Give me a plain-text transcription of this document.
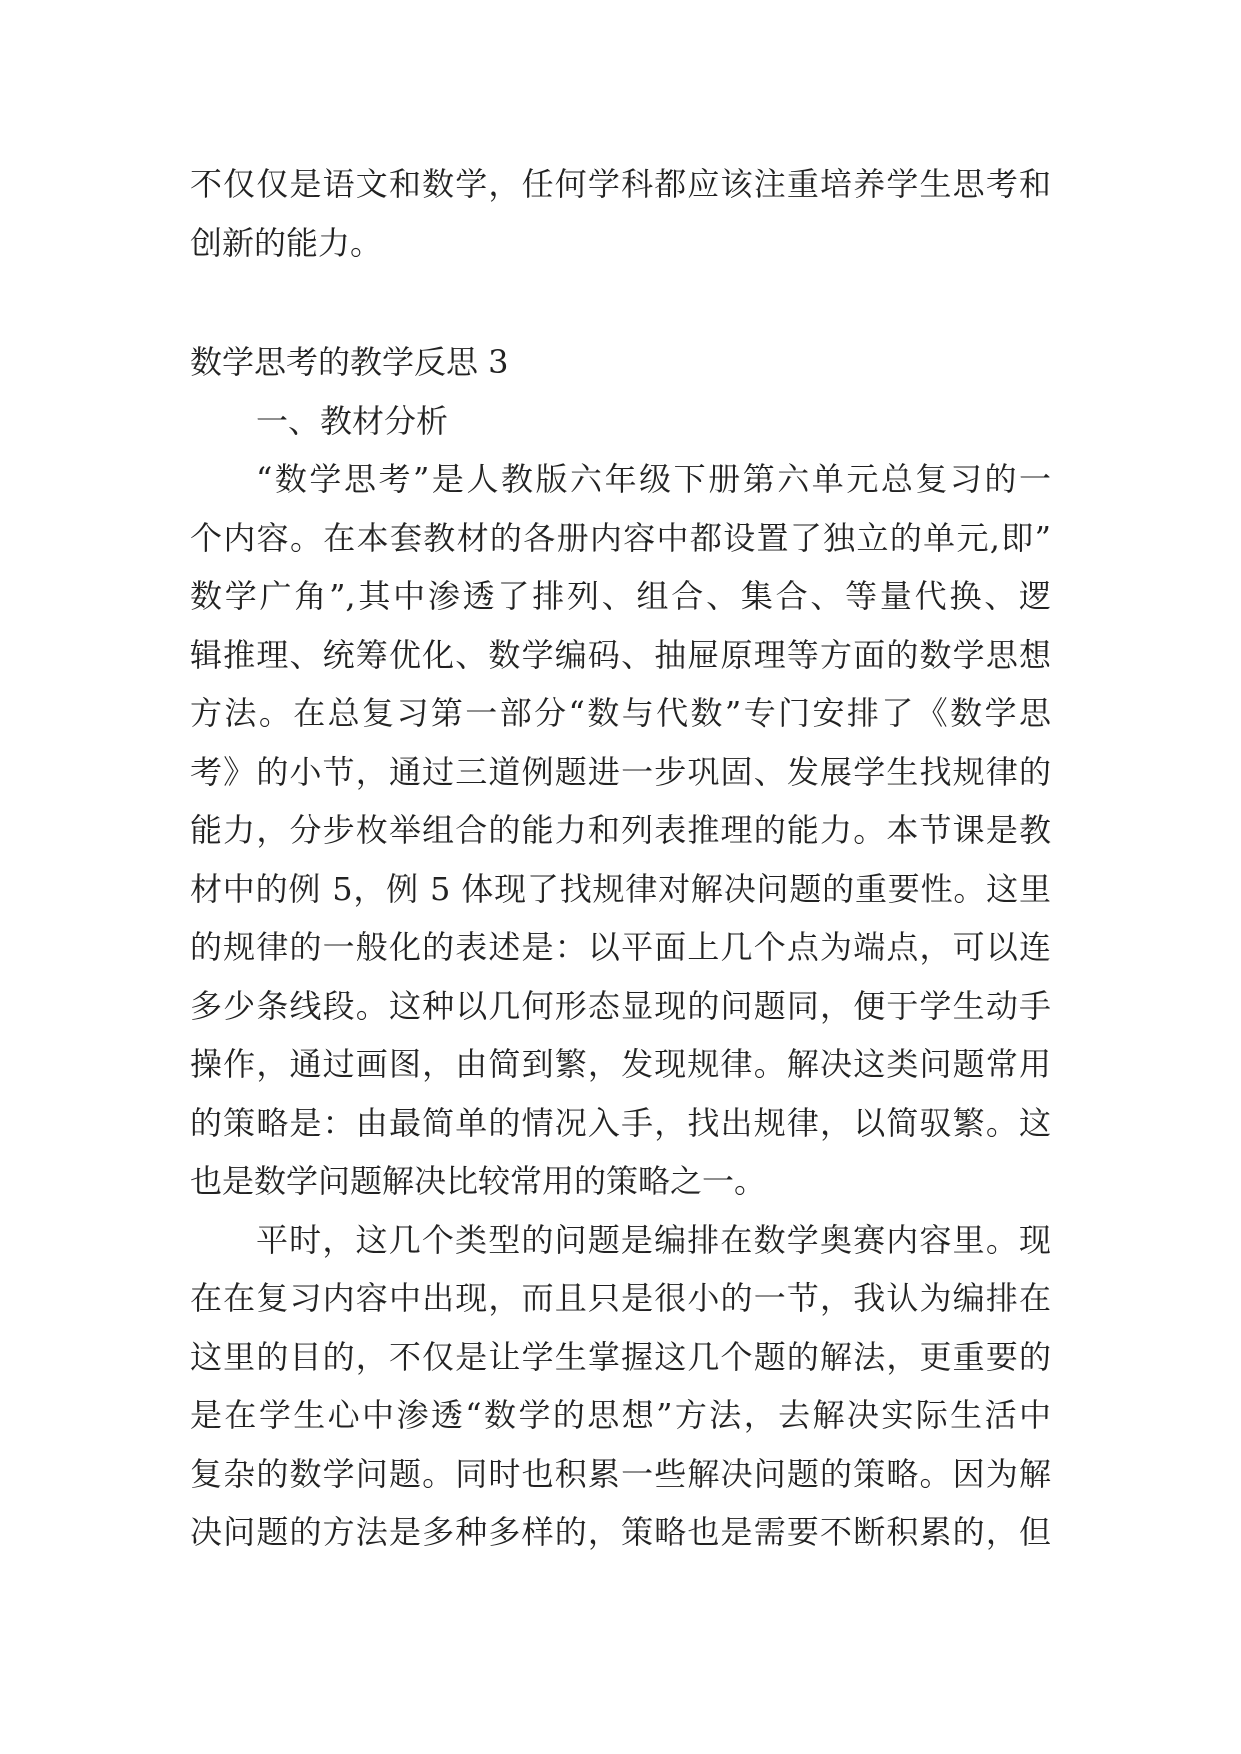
不仅仅是语文和数学，任何学科都应该注重培养学生思考和
创新的能力。
数学思考的教学反思 3
一、教材分析
“数学思考”是人教版六年级下册第六单元总复习的一
个内容。在本套教材的各册内容中都设置了独立的单元,即”
数学广角”,其中渗透了排列、组合、集合、等量代换、逻
辑推理、统筹优化、数学编码、抽屉原理等方面的数学思想
方法。在总复习第一部分“数与代数”专门安排了《数学思
考》的小节，通过三道例题进一步巩固、发展学生找规律的
能力，分步枚举组合的能力和列表推理的能力。本节课是教
材中的例 5，例 5 体现了找规律对解决问题的重要性。这里
的规律的一般化的表述是：以平面上几个点为端点，可以连
多少条线段。这种以几何形态显现的问题同，便于学生动手
操作，通过画图，由简到繁，发现规律。解决这类问题常用
的策略是：由最简单的情况入手，找出规律，以简驭繁。这
也是数学问题解决比较常用的策略之一。
平时，这几个类型的问题是编排在数学奥赛内容里。现
在在复习内容中出现，而且只是很小的一节，我认为编排在
这里的目的，不仅是让学生掌握这几个题的解法，更重要的
是在学生心中渗透“数学的思想”方法，去解决实际生活中
复杂的数学问题。同时也积累一些解决问题的策略。因为解
决问题的方法是多种多样的，策略也是需要不断积累的，但
